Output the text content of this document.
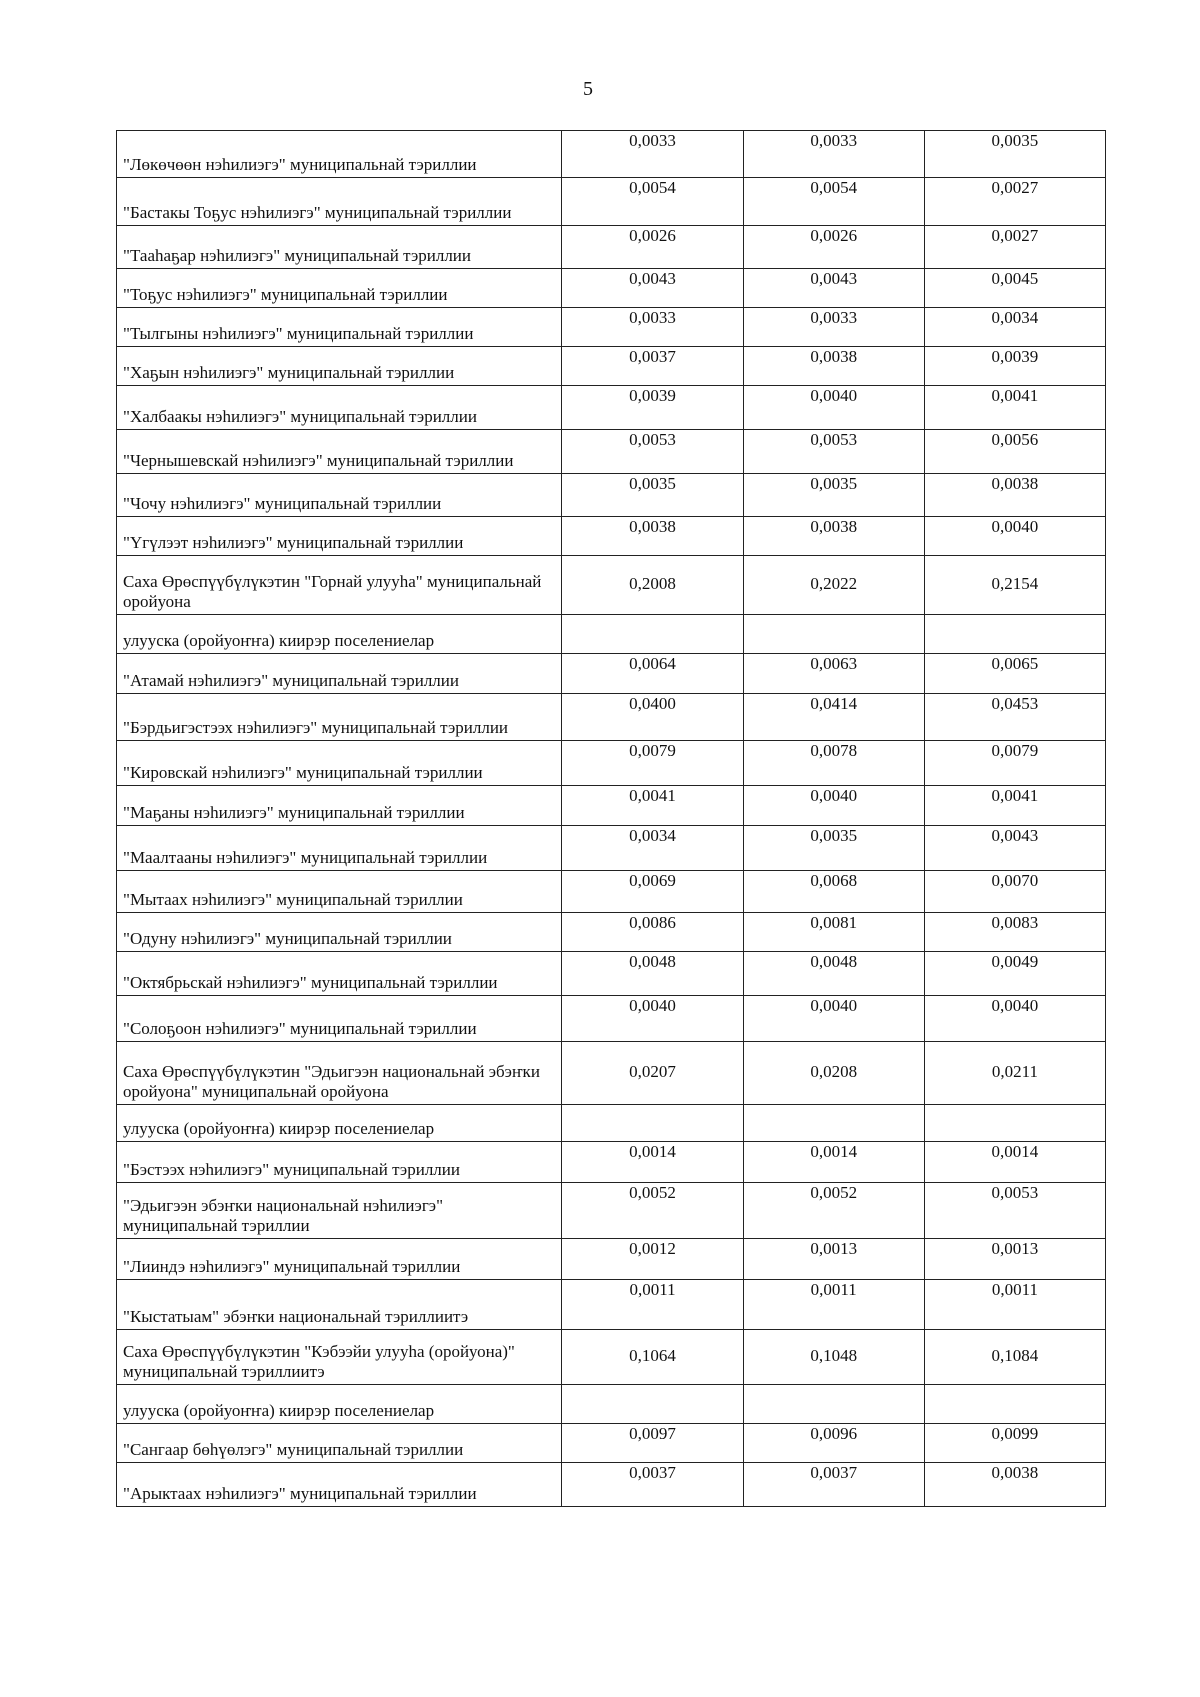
5
"Лөкөчөөн нэһилиэгэ" муниципальнай тэриллии	0,0033	0,0033	0,0035
"Бастакы Тоҕус нэһилиэгэ" муниципальнай тэриллии	0,0054	0,0054	0,0027
"Тааһаҕар нэһилиэгэ" муниципальнай тэриллии	0,0026	0,0026	0,0027
"Тоҕус нэһилиэгэ" муниципальнай тэриллии	0,0043	0,0043	0,0045
"Тылгыны нэһилиэгэ" муниципальнай тэриллии	0,0033	0,0033	0,0034
"Хаҕын нэһилиэгэ" муниципальнай тэриллии	0,0037	0,0038	0,0039
"Халбаакы нэһилиэгэ" муниципальнай тэриллии	0,0039	0,0040	0,0041
"Чернышевскай нэһилиэгэ" муниципальнай тэриллии	0,0053	0,0053	0,0056
"Чочу нэһилиэгэ" муниципальнай тэриллии	0,0035	0,0035	0,0038
"Үгүлээт нэһилиэгэ" муниципальнай тэриллии	0,0038	0,0038	0,0040
Саха Өрөспүүбүлүкэтин "Горнай улууһа" муниципальнай оройуона	0,2008	0,2022	0,2154
улууска (оройуоҥҥа) киирэр поселениелар			
"Атамай нэһилиэгэ" муниципальнай тэриллии	0,0064	0,0063	0,0065
"Бэрдьигэстээх нэһилиэгэ" муниципальнай тэриллии	0,0400	0,0414	0,0453
"Кировскай нэһилиэгэ" муниципальнай тэриллии	0,0079	0,0078	0,0079
"Маҕаны нэһилиэгэ" муниципальнай тэриллии	0,0041	0,0040	0,0041
"Маалтааны нэһилиэгэ" муниципальнай тэриллии	0,0034	0,0035	0,0043
"Мытаах нэһилиэгэ" муниципальнай тэриллии	0,0069	0,0068	0,0070
"Одуну нэһилиэгэ" муниципальнай тэриллии	0,0086	0,0081	0,0083
"Октябрьскай нэһилиэгэ" муниципальнай тэриллии	0,0048	0,0048	0,0049
"Солоҕоон нэһилиэгэ" муниципальнай тэриллии	0,0040	0,0040	0,0040
Саха Өрөспүүбүлүкэтин "Эдьигээн национальнай эбэҥки оройуона" муниципальнай оройуона	0,0207	0,0208	0,0211
улууска (оройуоҥҥа) киирэр поселениелар			
"Бэстээх нэһилиэгэ" муниципальнай тэриллии	0,0014	0,0014	0,0014
"Эдьигээн эбэҥки национальнай нэһилиэгэ" муниципальнай тэриллии	0,0052	0,0052	0,0053
"Лииндэ нэһилиэгэ" муниципальнай тэриллии	0,0012	0,0013	0,0013
"Кыстатыам" эбэҥки национальнай тэриллиитэ	0,0011	0,0011	0,0011
Саха Өрөспүүбүлүкэтин "Кэбээйи улууһа (оройуона)" муниципальнай тэриллиитэ	0,1064	0,1048	0,1084
улууска (оройуоҥҥа) киирэр поселениелар			
"Сангаар бөһүөлэгэ" муниципальнай тэриллии	0,0097	0,0096	0,0099
"Арыктаах нэһилиэгэ" муниципальнай тэриллии	0,0037	0,0037	0,0038
